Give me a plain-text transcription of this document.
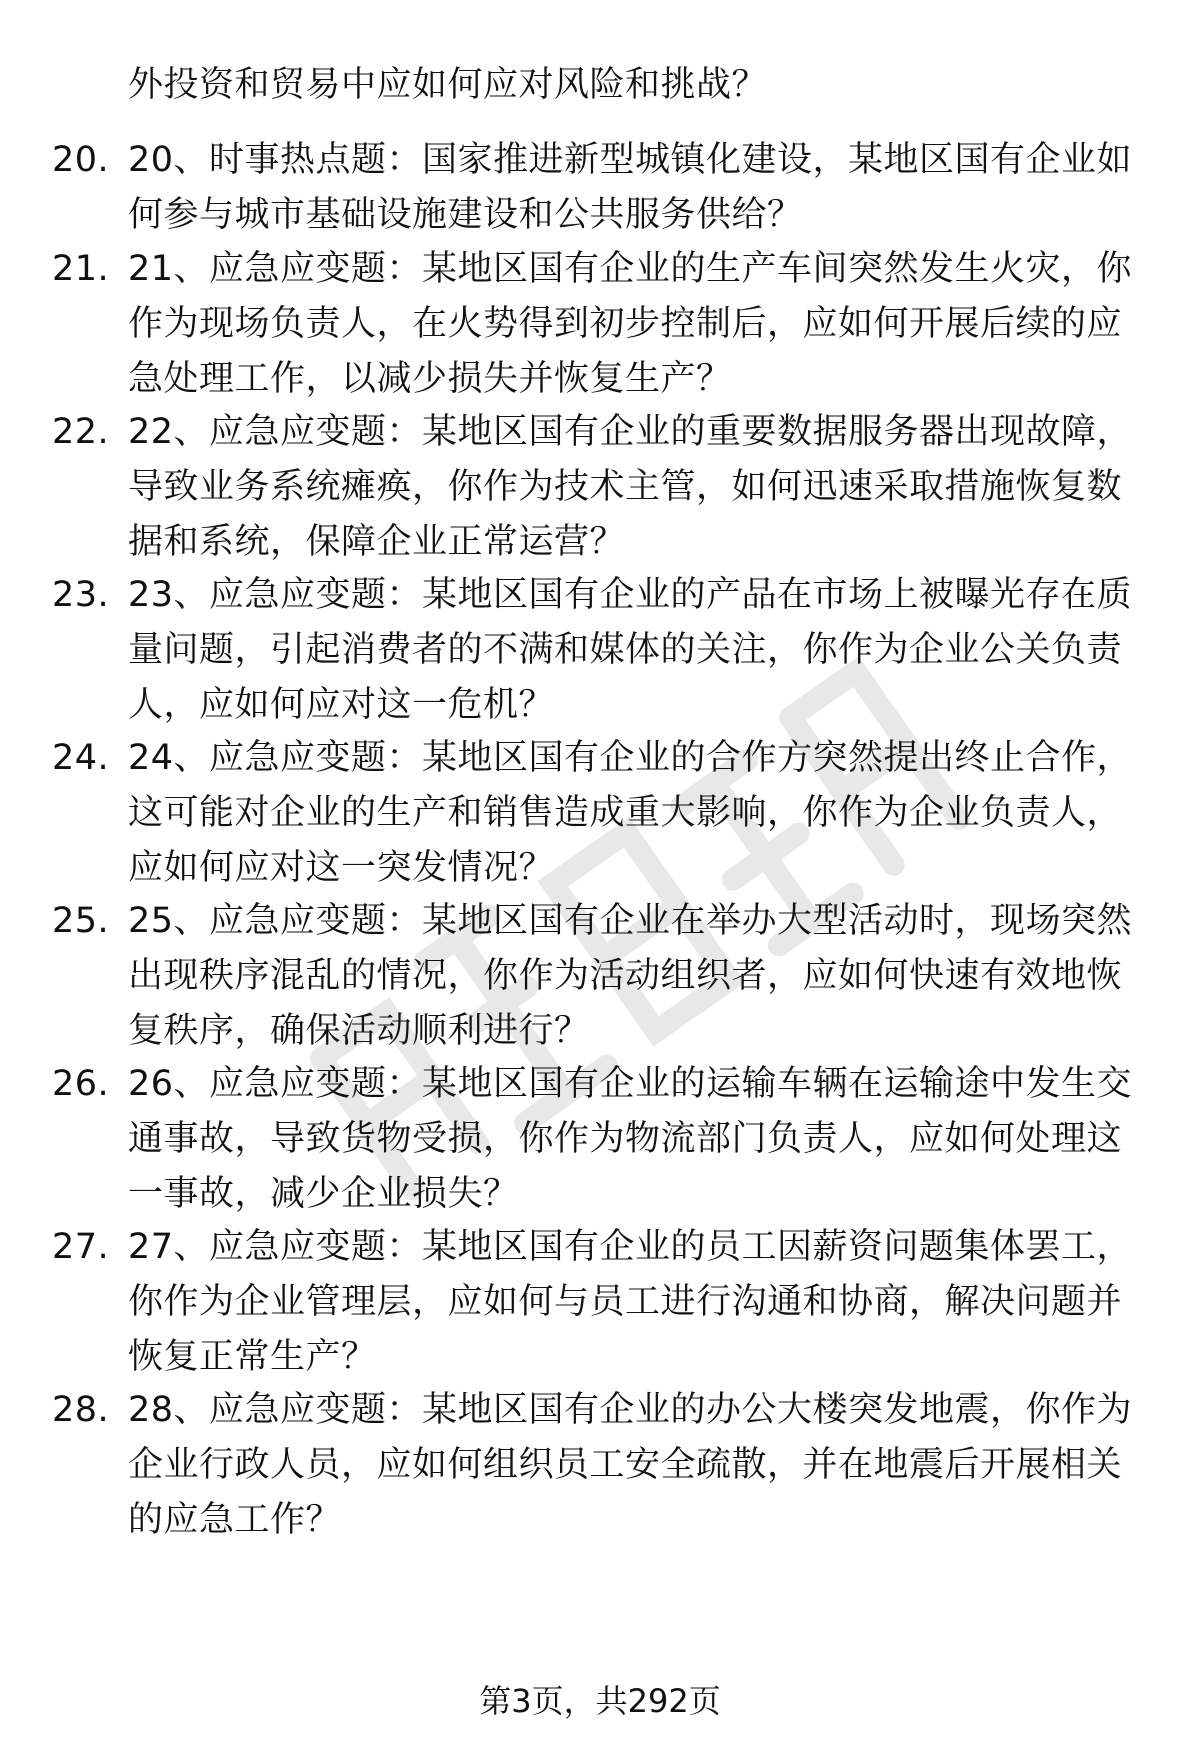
外投资和贸易中应如何应对风险和挑战？
20. 20、时事热点题：国家推进新型城镇化建设，某地区国有企业如何参与城市基础设施建设和公共服务供给？
21. 21、应急应变题：某地区国有企业的生产车间突然发生火灾，你作为现场负责人，在火势得到初步控制后，应如何开展后续的应急处理工作，以减少损失并恢复生产？
22. 22、应急应变题：某地区国有企业的重要数据服务器出现故障，导致业务系统瘫痪，你作为技术主管，如何迅速采取措施恢复数据和系统，保障企业正常运营？
23. 23、应急应变题：某地区国有企业的产品在市场上被曝光存在质量问题，引起消费者的不满和媒体的关注，你作为企业公关负责人，应如何应对这一危机？
24. 24、应急应变题：某地区国有企业的合作方突然提出终止合作，这可能对企业的生产和销售造成重大影响，你作为企业负责人，应如何应对这一突发情况？
25. 25、应急应变题：某地区国有企业在举办大型活动时，现场突然出现秩序混乱的情况，你作为活动组织者，应如何快速有效地恢复秩序，确保活动顺利进行？
26. 26、应急应变题：某地区国有企业的运输车辆在运输途中发生交通事故，导致货物受损，你作为物流部门负责人，应如何处理这一事故，减少企业损失？
27. 27、应急应变题：某地区国有企业的员工因薪资问题集体罢工，你作为企业管理层，应如何与员工进行沟通和协商，解决问题并恢复正常生产？
28. 28、应急应变题：某地区国有企业的办公大楼突发地震，你作为企业行政人员，应如何组织员工安全疏散，并在地震后开展相关的应急工作？
第3页，共292页
